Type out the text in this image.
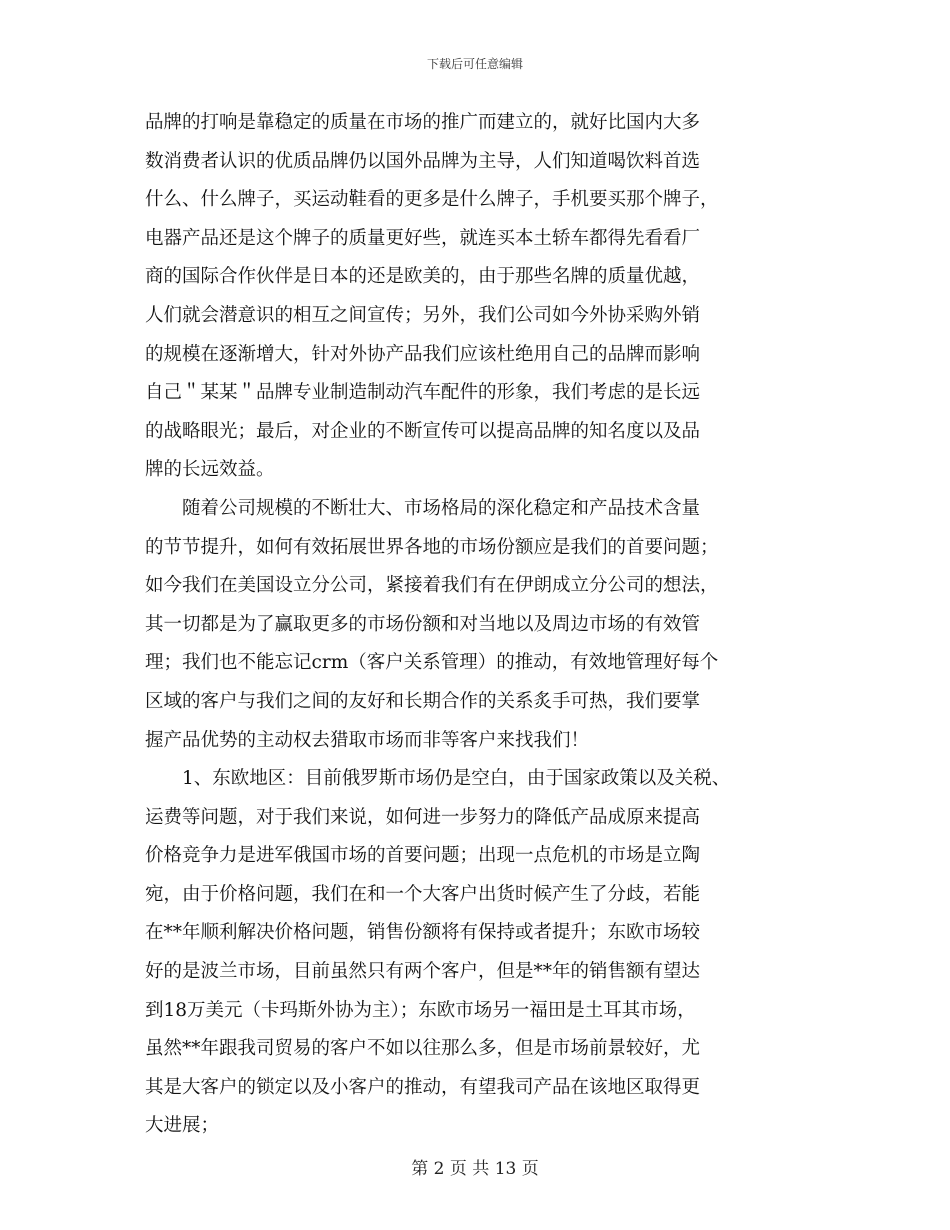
下载后可任意编辑
品牌的打响是靠稳定的质量在市场的推广而建立的，就好比国内大多
数消费者认识的优质品牌仍以国外品牌为主导，人们知道喝饮料首选
什么、什么牌子，买运动鞋看的更多是什么牌子，手机要买那个牌子，
电器产品还是这个牌子的质量更好些，就连买本土轿车都得先看看厂
商的国际合作伙伴是日本的还是欧美的，由于那些名牌的质量优越，
人们就会潜意识的相互之间宣传；另外，我们公司如今外协采购外销
的规模在逐渐增大，针对外协产品我们应该杜绝用自己的品牌而影响
自己＂某某＂品牌专业制造制动汽车配件的形象，我们考虑的是长远
的战略眼光；最后，对企业的不断宣传可以提高品牌的知名度以及品
牌的长远效益。
　　随着公司规模的不断壮大、市场格局的深化稳定和产品技术含量
的节节提升，如何有效拓展世界各地的市场份额应是我们的首要问题；
如今我们在美国设立分公司，紧接着我们有在伊朗成立分公司的想法，
其一切都是为了赢取更多的市场份额和对当地以及周边市场的有效管
理；我们也不能忘记crm（客户关系管理）的推动，有效地管理好每个
区域的客户与我们之间的友好和长期合作的关系炙手可热，我们要掌
握产品优势的主动权去猎取市场而非等客户来找我们！
　　1、东欧地区：目前俄罗斯市场仍是空白，由于国家政策以及关税、
运费等问题，对于我们来说，如何进一步努力的降低产品成原来提高
价格竞争力是进军俄国市场的首要问题；出现一点危机的市场是立陶
宛，由于价格问题，我们在和一个大客户出货时候产生了分歧，若能
在**年顺利解决价格问题，销售份额将有保持或者提升；东欧市场较
好的是波兰市场，目前虽然只有两个客户，但是**年的销售额有望达
到18万美元（卡玛斯外协为主）；东欧市场另一福田是土耳其市场，
虽然**年跟我司贸易的客户不如以往那么多，但是市场前景较好，尤
其是大客户的锁定以及小客户的推动，有望我司产品在该地区取得更
大进展；
第 2 页 共 13 页
